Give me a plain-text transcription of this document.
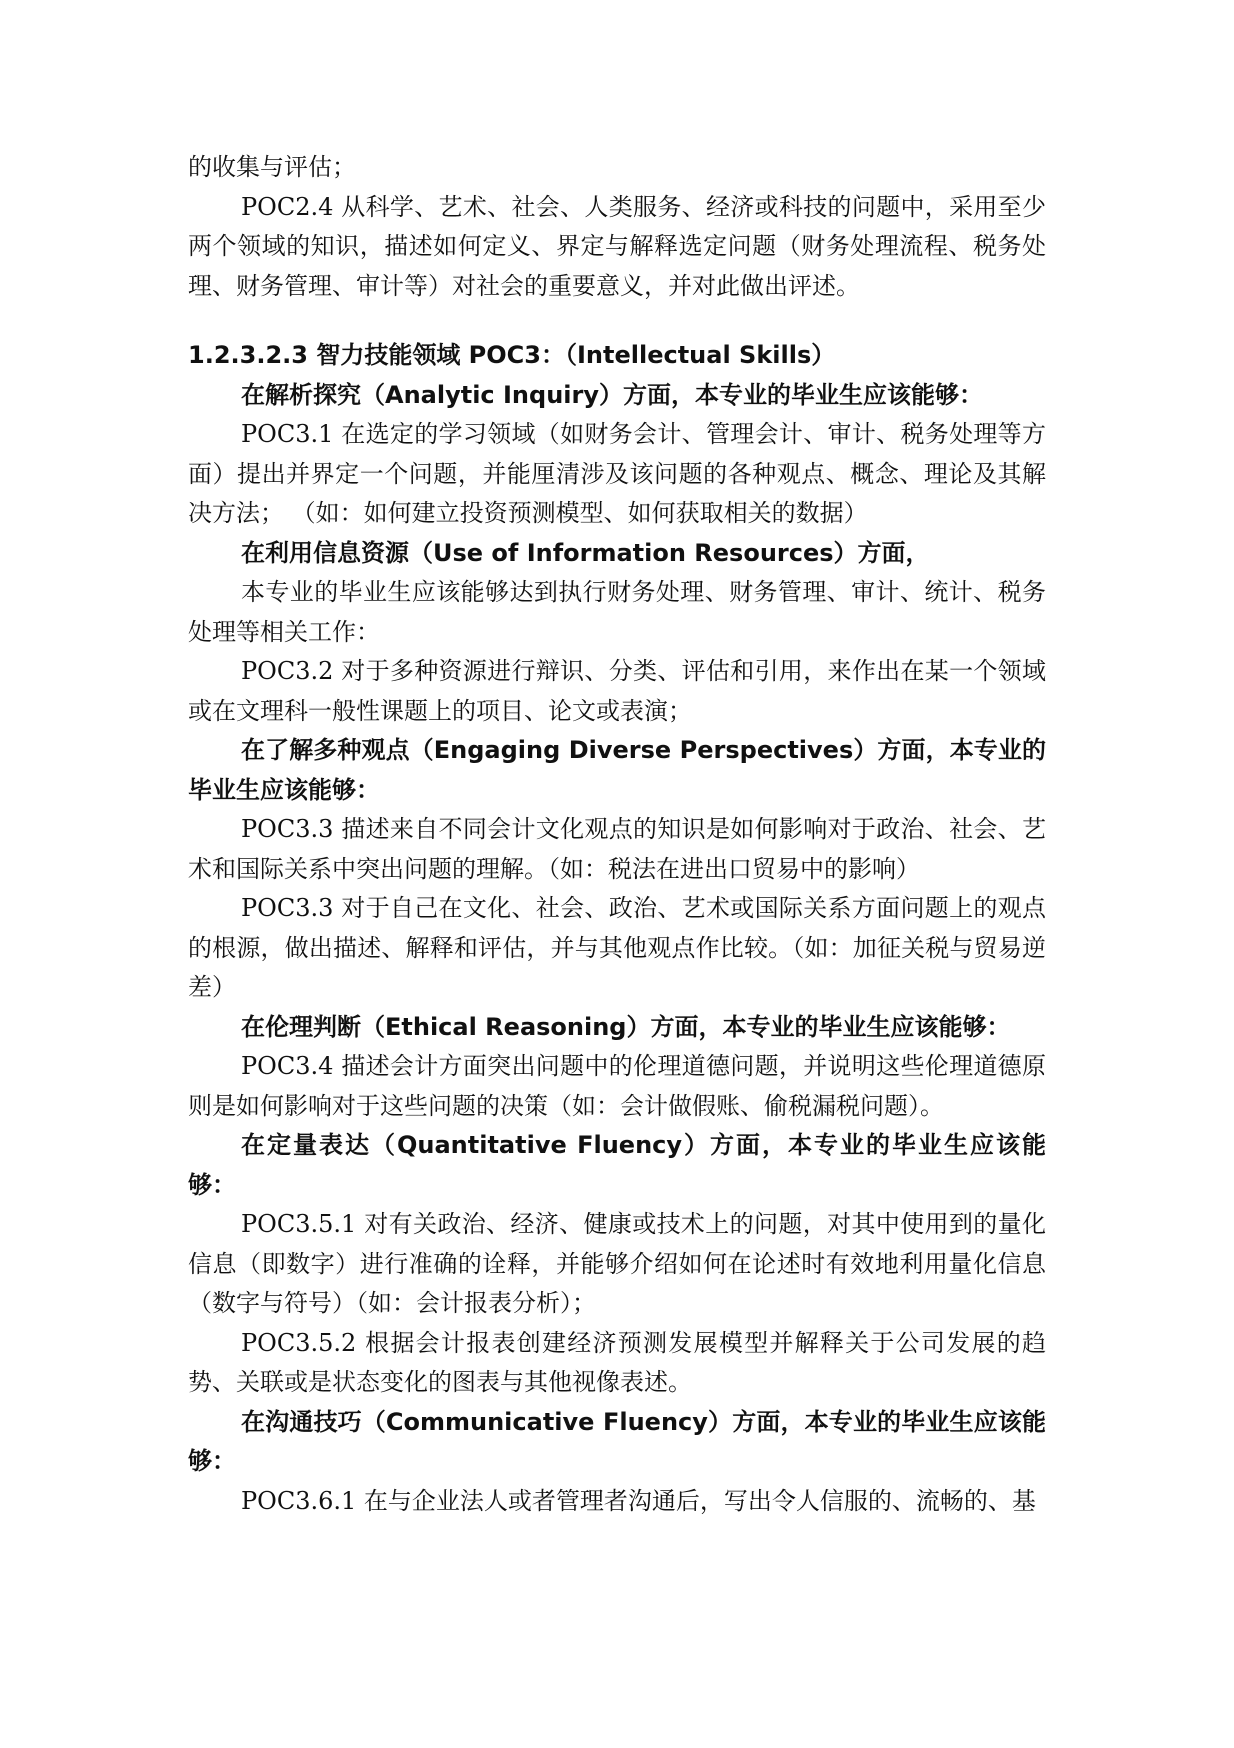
的收集与评估；

POC2.4 从科学、艺术、社会、人类服务、经济或科技的问题中，采用至少两个领域的知识，描述如何定义、界定与解释选定问题（财务处理流程、税务处理、财务管理、审计等）对社会的重要意义，并对此做出评述。

1.2.3.2.3 智力技能领域 POC3：（Intellectual Skills）

在解析探究（Analytic Inquiry）方面，本专业的毕业生应该能够：

POC3.1 在选定的学习领域（如财务会计、管理会计、审计、税务处理等方面）提出并界定一个问题，并能厘清涉及该问题的各种观点、概念、理论及其解决方法； （如：如何建立投资预测模型、如何获取相关的数据）

在利用信息资源（Use of Information Resources）方面，

本专业的毕业生应该能够达到执行财务处理、财务管理、审计、统计、税务处理等相关工作：

POC3.2 对于多种资源进行辩识、分类、评估和引用，来作出在某一个领域或在文理科一般性课题上的项目、论文或表演；

在了解多种观点（Engaging Diverse Perspectives）方面，本专业的毕业生应该能够：

POC3.3 描述来自不同会计文化观点的知识是如何影响对于政治、社会、艺术和国际关系中突出问题的理解。（如：税法在进出口贸易中的影响）

POC3.3 对于自己在文化、社会、政治、艺术或国际关系方面问题上的观点的根源，做出描述、解释和评估，并与其他观点作比较。（如：加征关税与贸易逆差）

在伦理判断（Ethical Reasoning）方面，本专业的毕业生应该能够：

POC3.4 描述会计方面突出问题中的伦理道德问题，并说明这些伦理道德原则是如何影响对于这些问题的决策（如：会计做假账、偷税漏税问题）。

在定量表达（Quantitative Fluency）方面，本专业的毕业生应该能够：

POC3.5.1 对有关政治、经济、健康或技术上的问题，对其中使用到的量化信息（即数字）进行准确的诠释，并能够介绍如何在论述时有效地利用量化信息（数字与符号）（如：会计报表分析）；

POC3.5.2 根据会计报表创建经济预测发展模型并解释关于公司发展的趋势、关联或是状态变化的图表与其他视像表述。

在沟通技巧（Communicative Fluency）方面，本专业的毕业生应该能够：

POC3.6.1 在与企业法人或者管理者沟通后，写出令人信服的、流畅的、基
